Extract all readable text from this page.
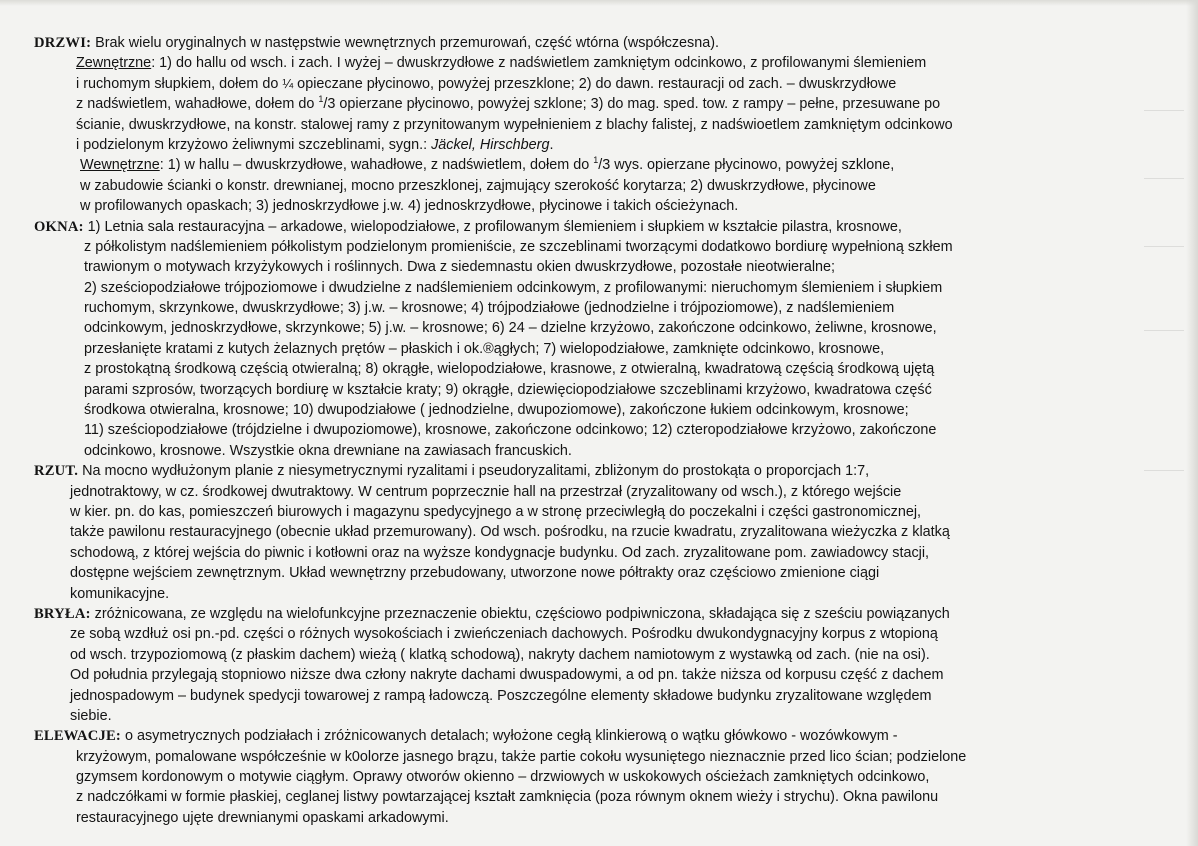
DRZWI: Brak wielu oryginalnych w następstwie wewnętrznych przemurowań, część wtórna (współczesna).
Zewnętrzne: 1) do hallu od wsch. i zach. I wyżej – dwuskrzydłowe z nadświetlem zamkniętym odcinkowo, z profilowanymi ślemieniem
i ruchomym słupkiem, dołem do ¼ opieczane płycinowo, powyżej przeszklone; 2) do dawn. restauracji od zach. – dwuskrzydłowe
z nadświetlem, wahadłowe, dołem do $^1$/3 opierzane płycinowo, powyżej szklone; 3) do mag. sped. tow. z rampy – pełne, przesuwane po
ścianie, dwuskrzydłowe, na konstr. stalowej ramy z przynitowanym wypełnieniem z blachy falistej, z nadświoetlem zamkniętym odcinkowo
i podzielonym krzyżowo żeliwnymi szczeblinami, sygn.: Jäckel, Hirschberg.
Wewnętrzne: 1) w hallu – dwuskrzydłowe, wahadłowe, z nadświetlem, dołem do $^1$/3 wys. opierzane płycinowo, powyżej szklone,
w zabudowie ścianki o konstr. drewnianej, mocno przeszklonej, zajmujący szerokość korytarza; 2) dwuskrzydłowe, płycinowe
w profilowanych opaskach; 3) jednoskrzydłowe j.w. 4) jednoskrzydłowe, płycinowe i takich ościeżynach.
OKNA: 1) Letnia sala restauracyjna – arkadowe, wielopodziałowe, z profilowanym ślemieniem i słupkiem w kształcie pilastra, krosnowe,
z półkolistym nadślemieniem półkolistym podzielonym promieniście, ze szczeblinami tworzącymi dodatkowo bordiurę wypełnioną szkłem
trawionym o motywach krzyżykowych i roślinnych. Dwa z siedemnastu okien dwuskrzydłowe, pozostałe nieotwieralne;
2) sześciopodziałowe trójpoziomowe i dwudzielne z nadślemieniem odcinkowym, z profilowanymi: nieruchomym ślemieniem i słupkiem
ruchomym, skrzynkowe, dwuskrzydłowe; 3) j.w. – krosnowe; 4) trójpodziałowe (jednodzielne i trójpoziomowe), z nadślemieniem
odcinkowym, jednoskrzydłowe, skrzynkowe; 5) j.w. – krosnowe; 6) 24 – dzielne krzyżowo, zakończone odcinkowo, żeliwne, krosnowe,
przesłanięte kratami z kutych żelaznych prętów – płaskich i ok.®ągłych; 7) wielopodziałowe, zamknięte odcinkowo, krosnowe,
z prostokątną środkową częścią otwieralną; 8) okrągłe, wielopodziałowe, krasnowe, z otwieralną, kwadratową częścią środkową ujętą
parami szprosów, tworzących bordiurę w kształcie kraty; 9) okrągłe, dziewięciopodziałowe szczeblinami krzyżowo, kwadratowa część
środkowa otwieralna, krosnowe; 10) dwupodziałowe ( jednodzielne, dwupoziomowe), zakończone łukiem odcinkowym, krosnowe;
11) sześciopodziałowe (trójdzielne i dwupoziomowe), krosnowe, zakończone odcinkowo; 12) czteropodziałowe krzyżowo, zakończone
odcinkowo, krosnowe. Wszystkie okna drewniane na zawiasach francuskich.
RZUT. Na mocno wydłużonym planie z niesymetrycznymi ryzalitami i pseudoryzalitami, zbliżonym do prostokąta o proporcjach 1:7,
jednotraktowy, w cz. środkowej dwutraktowy. W centrum poprzecznie hall na przestrzał (zryzalitowany od wsch.), z którego wejście
w kier. pn. do kas, pomieszczeń biurowych i magazynu spedycyjnego a w stronę przeciwległą do poczekalni i części gastronomicznej,
także pawilonu restauracyjnego (obecnie układ przemurowany). Od wsch. pośrodku, na rzucie kwadratu, zryzalitowana wieżyczka z klatką
schodową, z której wejścia do piwnic i kotłowni oraz na wyższe kondygnacje budynku. Od zach. zryzalitowane pom. zawiadowcy stacji,
dostępne wejściem zewnętrznym. Układ wewnętrzny przebudowany, utworzone nowe półtrakty oraz częściowo zmienione ciągi
komunikacyjne.
BRYŁA: zróżnicowana, ze względu na wielofunkcyjne przeznaczenie obiektu, częściowo podpiwniczona, składająca się z sześciu powiązanych
ze sobą wzdłuż osi pn.-pd. części o różnych wysokościach i zwieńczeniach dachowych. Pośrodku dwukondygnacyjny korpus z wtopioną
od wsch. trzypoziomową (z płaskim dachem) wieżą ( klatką schodową), nakryty dachem namiotowym z wystawką od zach. (nie na osi).
Od południa przylegają stopniowo niższe dwa człony nakryte dachami dwuspadowymi, a od pn. także niższa od korpusu część z dachem
jednospadowym – budynek spedycji towarowej z rampą ładowczą. Poszczególne elementy składowe budynku zryzalitowane względem
siebie.
ELEWACJE: o asymetrycznych podziałach i zróżnicowanych detalach; wyłożone cegłą klinkierową o wątku główkowo - wozówkowym -
krzyżowym, pomalowane współcześnie w k0olorze jasnego brązu, także partie cokołu wysuniętego nieznacznie przed lico ścian; podzielone
gzymsem kordonowym o motywie ciągłym. Oprawy otworów okienno – drzwiowych w uskokowych ościeżach zamkniętych odcinkowo,
z nadczółkami w formie płaskiej, ceglanej listwy powtarzającej kształt zamknięcia (poza równym oknem wieży i strychu). Okna pawilonu
restauracyjnego ujęte drewnianymi opaskami arkadowymi.
